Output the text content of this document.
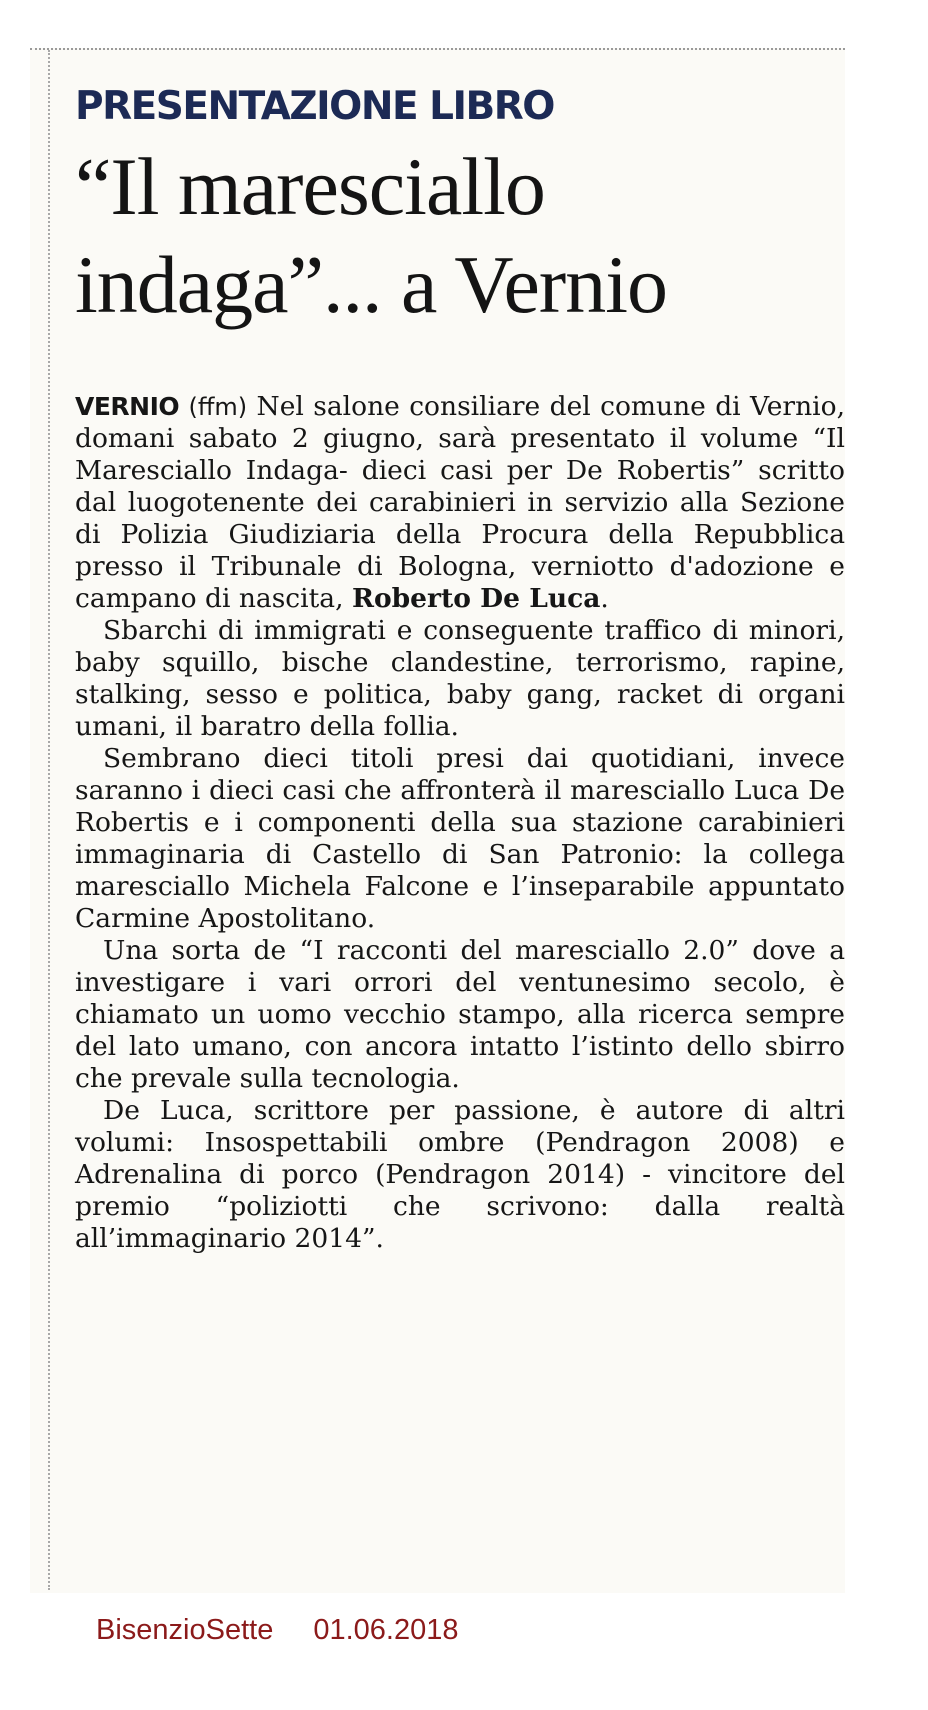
PRESENTAZIONE LIBRO
“Il maresciallo
indaga”... a Vernio

VERNIO (ffm) Nel salone consiliare del comune di Vernio, domani sabato 2 giugno, sarà presentato il volume “Il Maresciallo Indaga- dieci casi per De Robertis” scritto dal luogotenente dei carabinieri in servizio alla Sezione di Polizia Giudiziaria della Procura della Repubblica presso il Tribunale di Bologna, verniotto d'adozione e campano di nascita, Roberto De Luca.

Sbarchi di immigrati e conseguente traffico di minori, baby squillo, bische clandestine, terrorismo, rapine, stalking, sesso e politica, baby gang, racket di organi umani, il baratro della follia.

Sembrano dieci titoli presi dai quotidiani, invece saranno i dieci casi che affronterà il maresciallo Luca De Robertis e i componenti della sua stazione carabinieri immaginaria di Castello di San Patronio: la collega maresciallo Michela Falcone e l’inseparabile appuntato Carmine Apostolitano.

Una sorta de “I racconti del maresciallo 2.0” dove a investigare i vari orrori del ventunesimo secolo, è chiamato un uomo vecchio stampo, alla ricerca sempre del lato umano, con ancora intatto l’istinto dello sbirro che prevale sulla tecnologia.

De Luca, scrittore per passione, è autore di altri volumi: Insospettabili ombre (Pendragon 2008) e Adrenalina di porco (Pendragon 2014) - vincitore del premio “poliziotti che scrivono: dalla realtà all’immaginario 2014”.

BisenzioSette 01.06.2018
